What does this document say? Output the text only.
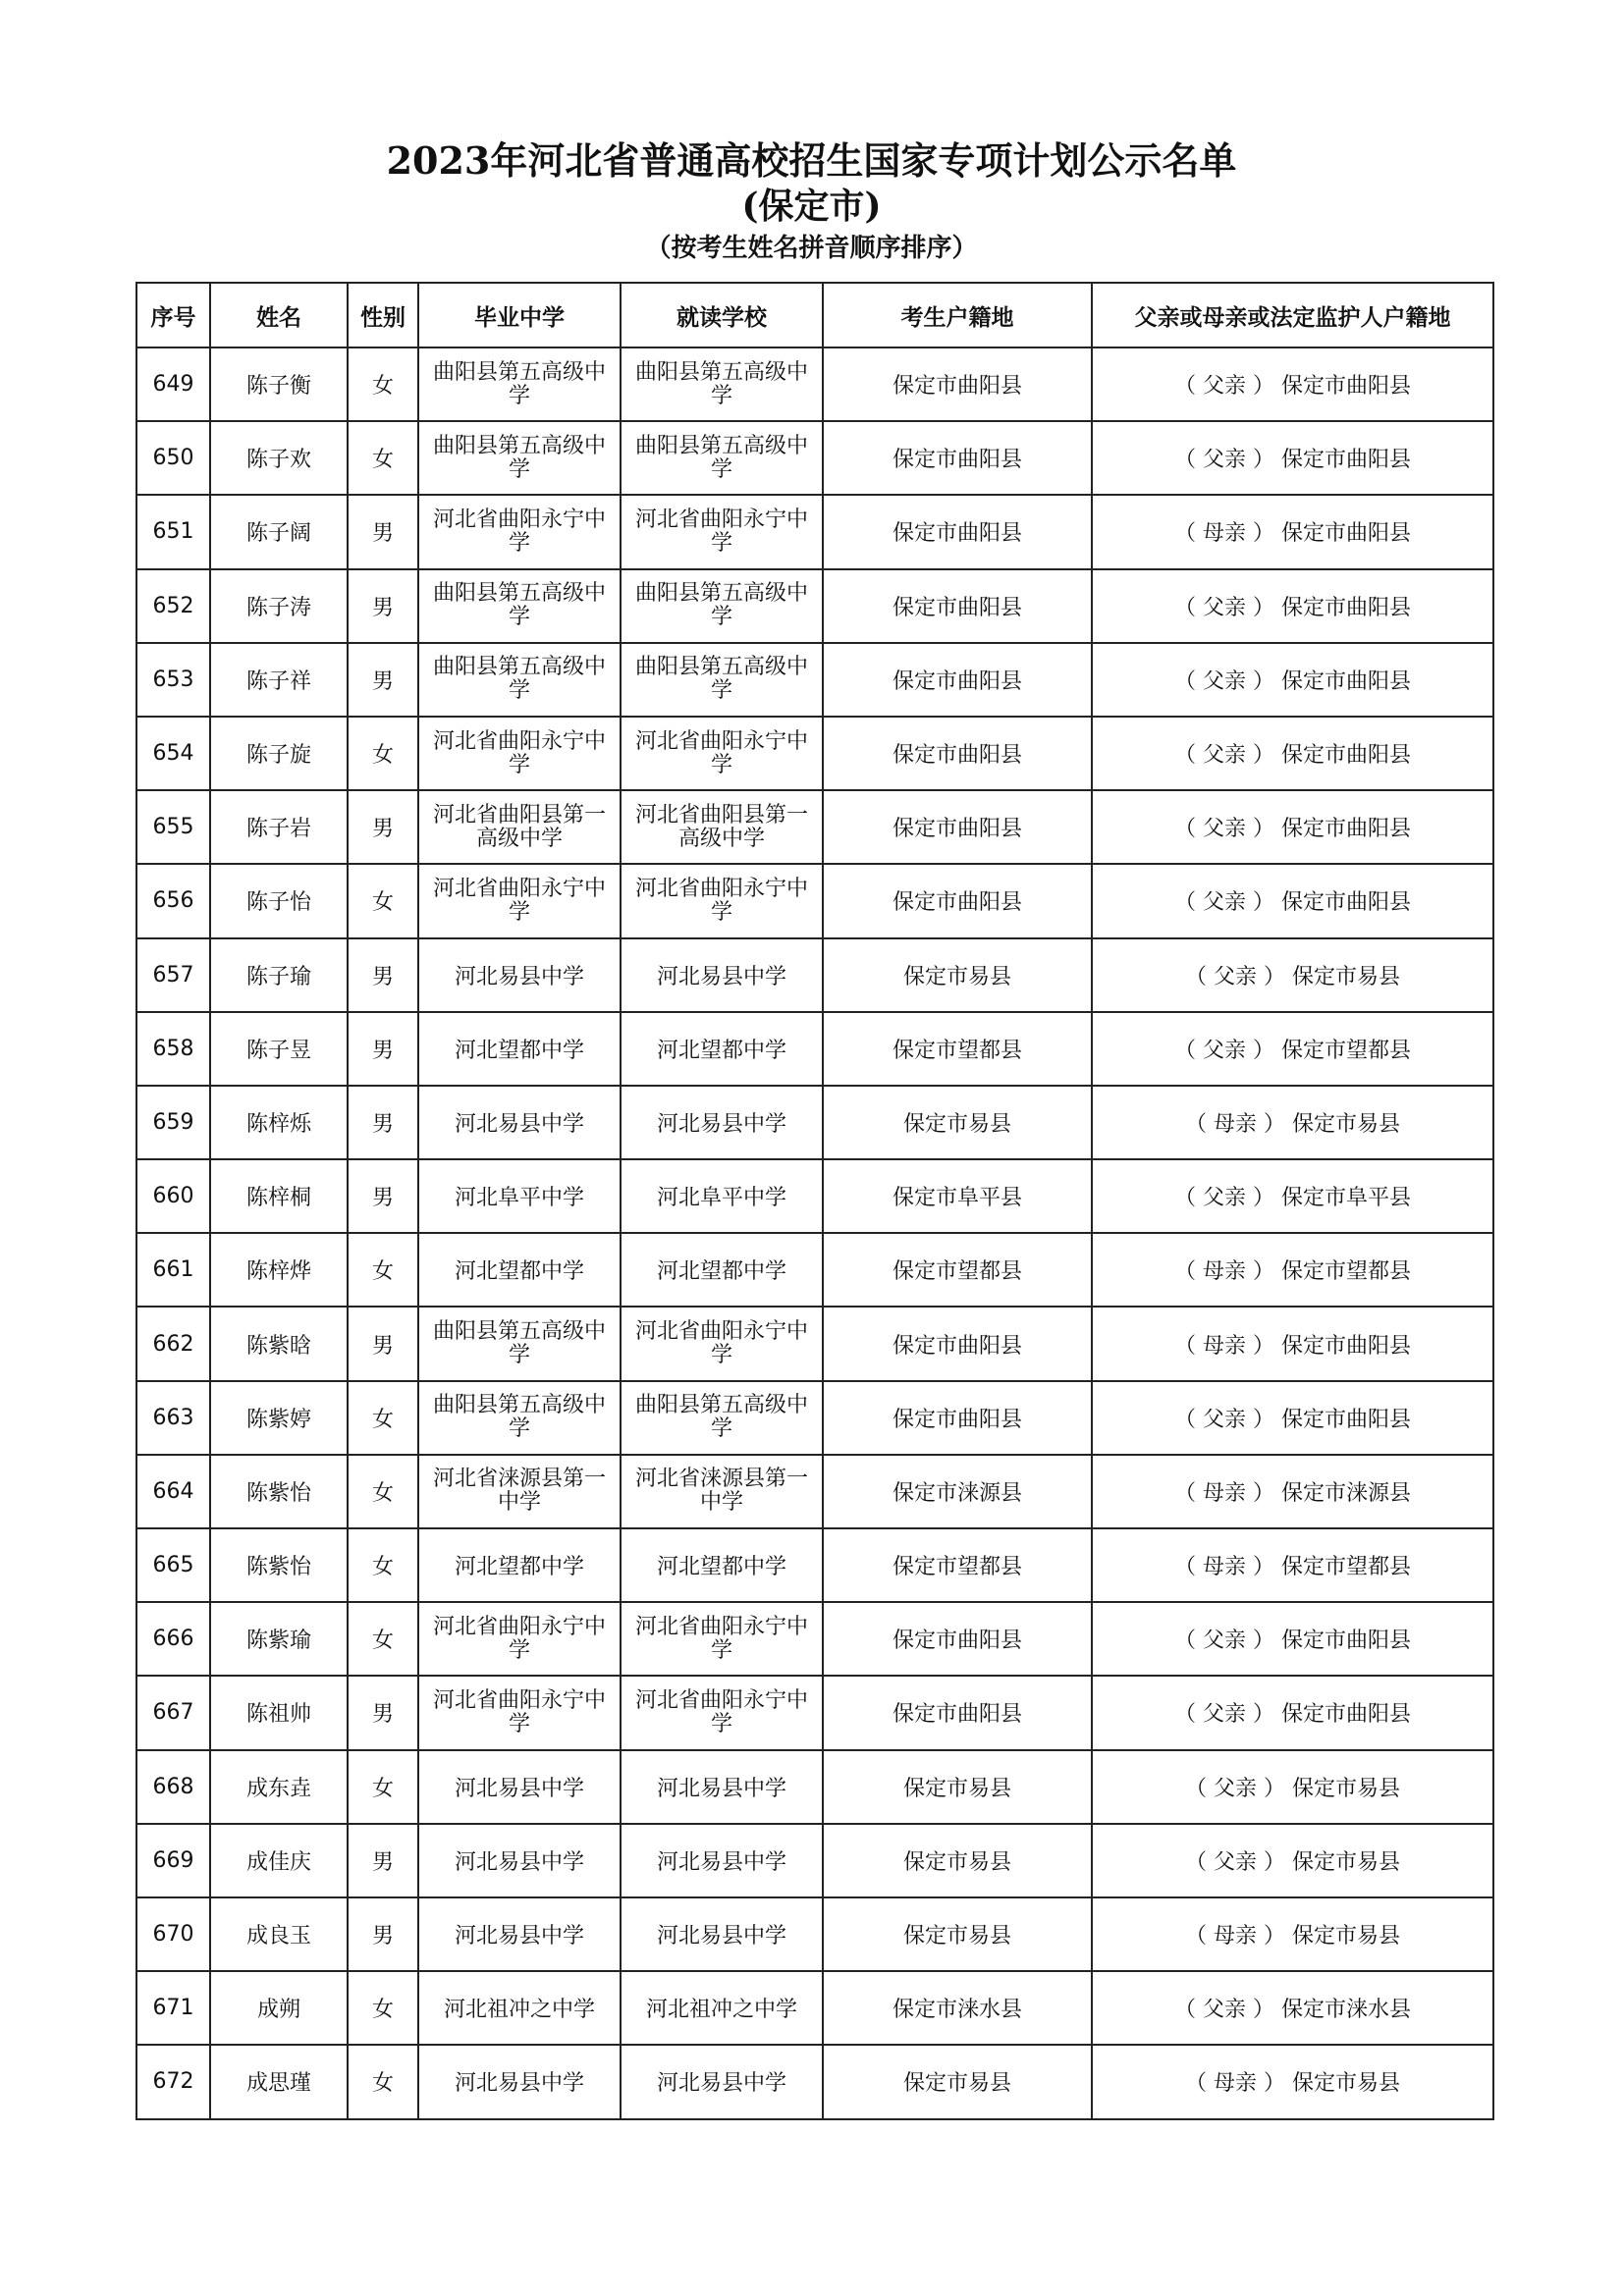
2023年河北省普通高校招生国家专项计划公示名单
(保定市)
（按考生姓名拼音顺序排序）
序号	姓名	性别	毕业中学	就读学校	考生户籍地	父亲或母亲或法定监护人户籍地
649	陈子衡	女	曲阳县第五高级中学	曲阳县第五高级中学	保定市曲阳县	（ 父亲 ） 保定市曲阳县
650	陈子欢	女	曲阳县第五高级中学	曲阳县第五高级中学	保定市曲阳县	（ 父亲 ） 保定市曲阳县
651	陈子阔	男	河北省曲阳永宁中学	河北省曲阳永宁中学	保定市曲阳县	（ 母亲 ） 保定市曲阳县
652	陈子涛	男	曲阳县第五高级中学	曲阳县第五高级中学	保定市曲阳县	（ 父亲 ） 保定市曲阳县
653	陈子祥	男	曲阳县第五高级中学	曲阳县第五高级中学	保定市曲阳县	（ 父亲 ） 保定市曲阳县
654	陈子旋	女	河北省曲阳永宁中学	河北省曲阳永宁中学	保定市曲阳县	（ 父亲 ） 保定市曲阳县
655	陈子岩	男	河北省曲阳县第一高级中学	河北省曲阳县第一高级中学	保定市曲阳县	（ 父亲 ） 保定市曲阳县
656	陈子怡	女	河北省曲阳永宁中学	河北省曲阳永宁中学	保定市曲阳县	（ 父亲 ） 保定市曲阳县
657	陈子瑜	男	河北易县中学	河北易县中学	保定市易县	（ 父亲 ） 保定市易县
658	陈子昱	男	河北望都中学	河北望都中学	保定市望都县	（ 父亲 ） 保定市望都县
659	陈梓烁	男	河北易县中学	河北易县中学	保定市易县	（ 母亲 ） 保定市易县
660	陈梓桐	男	河北阜平中学	河北阜平中学	保定市阜平县	（ 父亲 ） 保定市阜平县
661	陈梓烨	女	河北望都中学	河北望都中学	保定市望都县	（ 母亲 ） 保定市望都县
662	陈紫晗	男	曲阳县第五高级中学	河北省曲阳永宁中学	保定市曲阳县	（ 母亲 ） 保定市曲阳县
663	陈紫婷	女	曲阳县第五高级中学	曲阳县第五高级中学	保定市曲阳县	（ 父亲 ） 保定市曲阳县
664	陈紫怡	女	河北省涞源县第一中学	河北省涞源县第一中学	保定市涞源县	（ 母亲 ） 保定市涞源县
665	陈紫怡	女	河北望都中学	河北望都中学	保定市望都县	（ 母亲 ） 保定市望都县
666	陈紫瑜	女	河北省曲阳永宁中学	河北省曲阳永宁中学	保定市曲阳县	（ 父亲 ） 保定市曲阳县
667	陈祖帅	男	河北省曲阳永宁中学	河北省曲阳永宁中学	保定市曲阳县	（ 父亲 ） 保定市曲阳县
668	成东垚	女	河北易县中学	河北易县中学	保定市易县	（ 父亲 ） 保定市易县
669	成佳庆	男	河北易县中学	河北易县中学	保定市易县	（ 父亲 ） 保定市易县
670	成良玉	男	河北易县中学	河北易县中学	保定市易县	（ 母亲 ） 保定市易县
671	成朔	女	河北祖冲之中学	河北祖冲之中学	保定市涞水县	（ 父亲 ） 保定市涞水县
672	成思瑾	女	河北易县中学	河北易县中学	保定市易县	（ 母亲 ） 保定市易县
